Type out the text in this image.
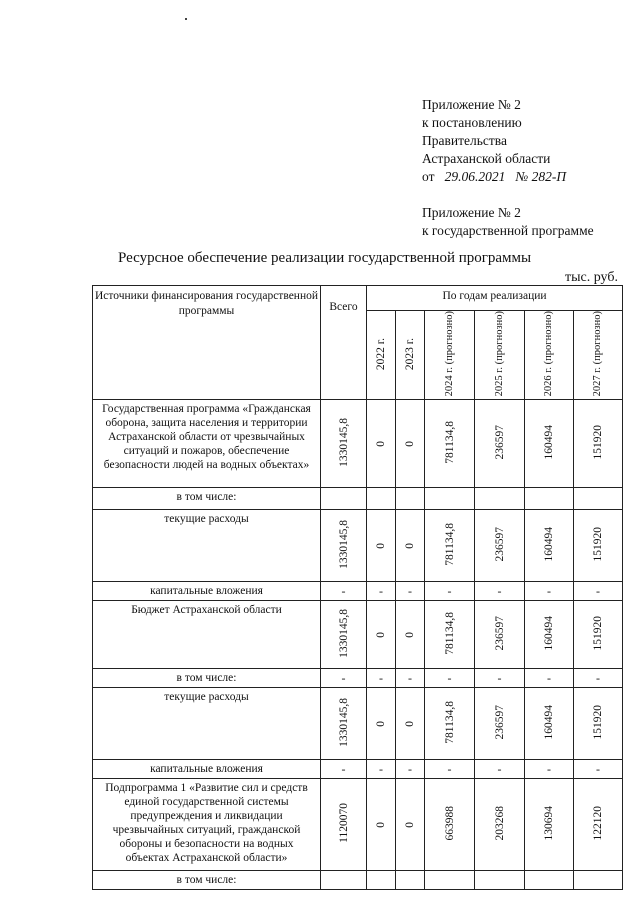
Приложение № 2
к постановлению
Правительства
Астраханской области
от 29.06.2021 № 282-П
Приложение № 2
к государственной программе
Ресурсное обеспечение реализации государственной программы
тыс. руб.
Источники финансирования государственной программы	Всего	По годам реализации					
		2022 г.	2023 г.	2024 г. (прогнозно)	2025 г. (прогнозно)	2026 г. (прогнозно)	2027 г. (прогнозно)
Государственная программа «Гражданская оборона, защита населения и территории Астраханской области от чрезвычайных ситуаций и пожаров, обеспечение безопасности людей на водных объектах»	1330145,8	0	0	781134,8	236597	160494	151920
в том числе:							
текущие расходы	1330145,8	0	0	781134,8	236597	160494	151920
капитальные вложения	-	-	-	-	-	-	-
Бюджет Астраханской области	1330145,8	0	0	781134,8	236597	160494	151920
в том числе:	-	-	-	-	-	-	-
текущие расходы	1330145,8	0	0	781134,8	236597	160494	151920
капитальные вложения	-	-	-	-	-	-	-
Подпрограмма 1 «Развитие сил и средств единой государственной системы предупреждения и ликвидации чрезвычайных ситуаций, гражданской обороны и безопасности на водных объектах Астраханской области»	1120070	0	0	663988	203268	130694	122120
в том числе:							
